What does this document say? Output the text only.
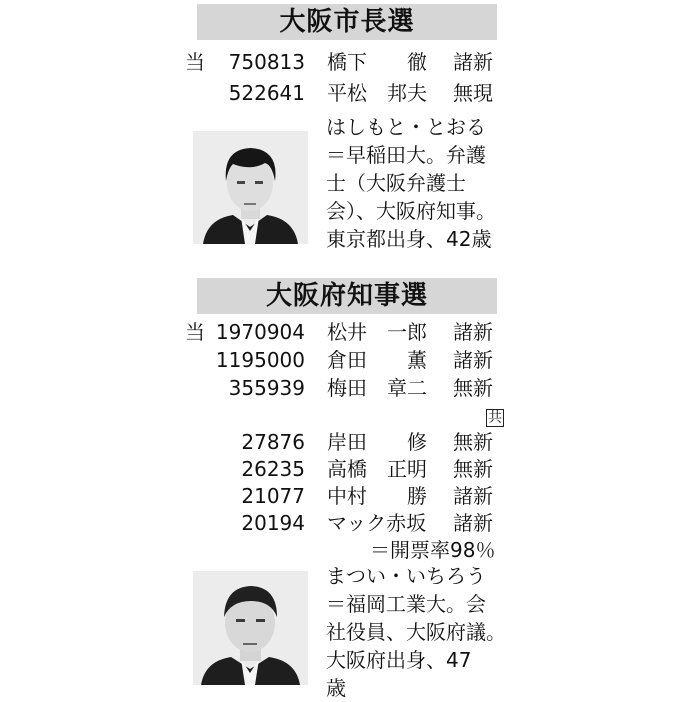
大阪市長選
当 750813 橋下　　徹 諸新
522641 平松　邦夫 無現
はしもと・とおる
＝早稲田大。弁護
士（大阪弁護士
会）、大阪府知事。
東京都出身、42歳
大阪府知事選
当 1970904 松井　一郎 諸新
1195000 倉田　　薫 諸新
355939 梅田　章二 無新
共
27876 岸田　　修 無新
26235 高橋　正明 無新
21077 中村　　勝 諸新
20194 マック赤坂 諸新
＝開票率98％
まつい・いちろう
＝福岡工業大。会
社役員、大阪府議。
大阪府出身、47
歳
